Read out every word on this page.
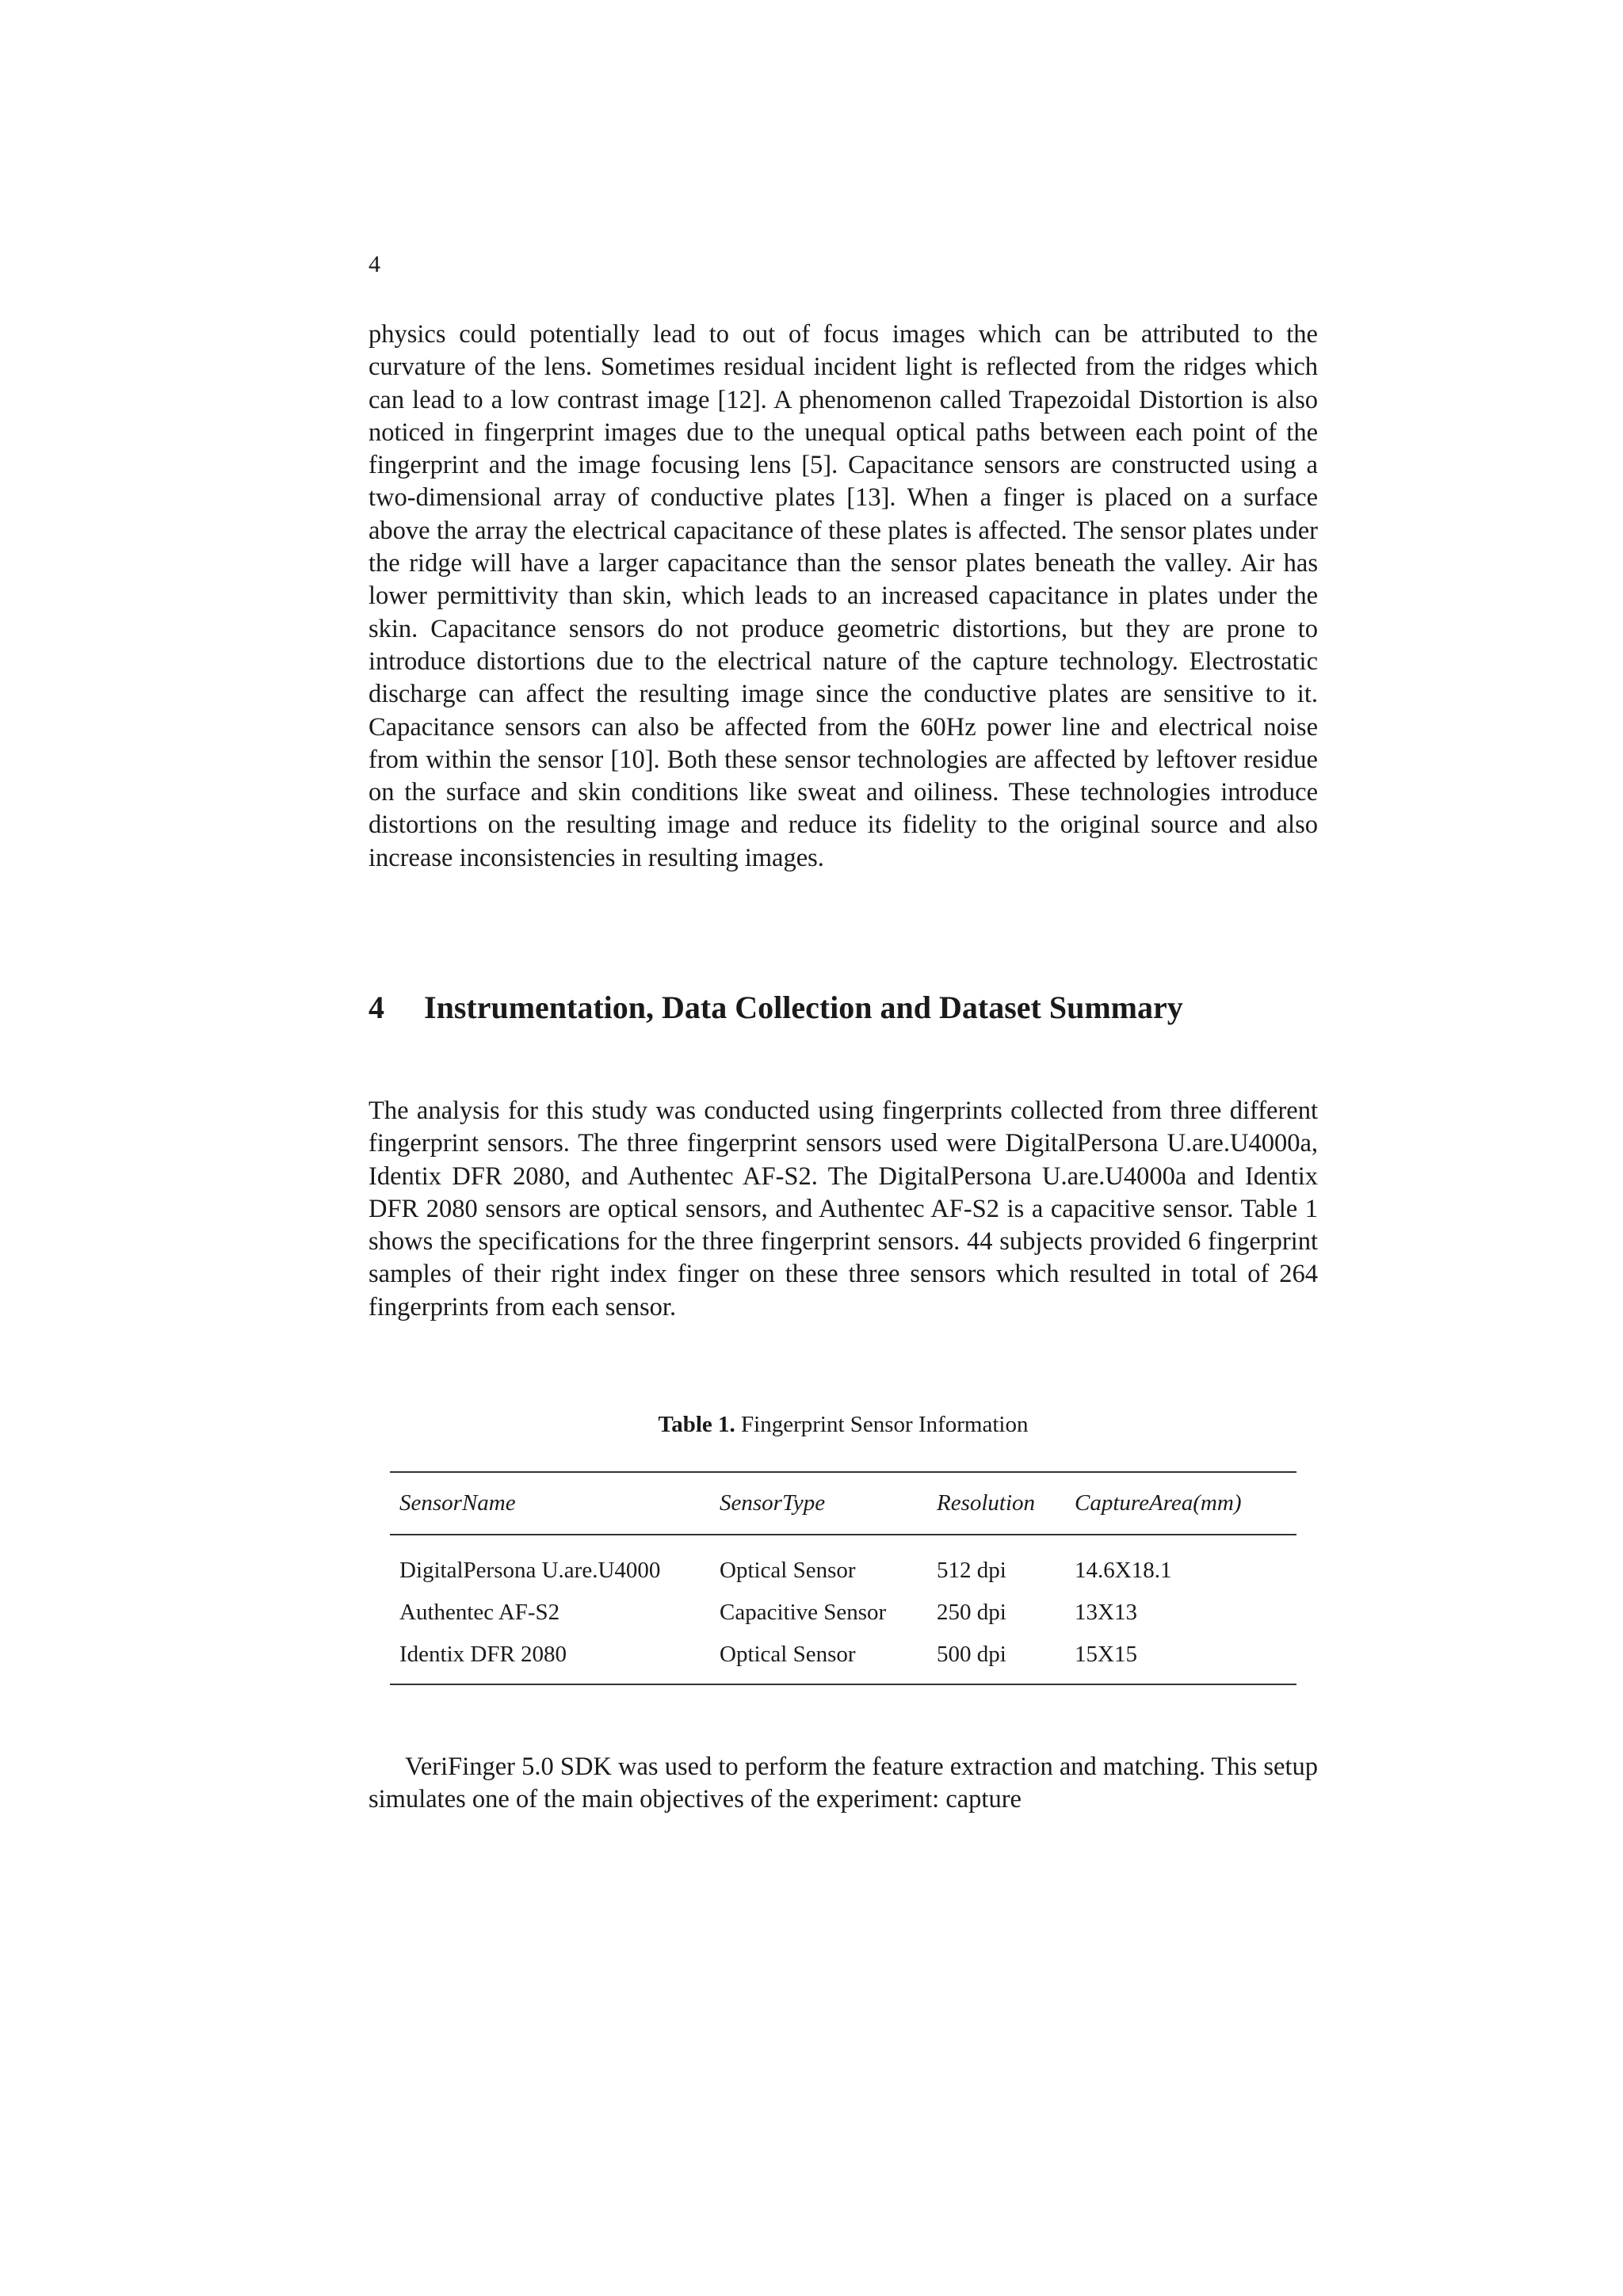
4

physics could potentially lead to out of focus images which can be attributed to the curvature of the lens. Sometimes residual incident light is reflected from the ridges which can lead to a low contrast image [12]. A phenomenon called Trapezoidal Distortion is also noticed in fingerprint images due to the unequal optical paths between each point of the fingerprint and the image focusing lens [5]. Capacitance sensors are constructed using a two-dimensional array of conductive plates [13]. When a finger is placed on a surface above the array the electrical capacitance of these plates is affected. The sensor plates under the ridge will have a larger capacitance than the sensor plates beneath the valley. Air has lower permittivity than skin, which leads to an increased capacitance in plates under the skin. Capacitance sensors do not produce geometric distortions, but they are prone to introduce distortions due to the electrical nature of the capture technology. Electrostatic discharge can affect the resulting image since the conductive plates are sensitive to it. Capacitance sensors can also be affected from the 60Hz power line and electrical noise from within the sensor [10]. Both these sensor technologies are affected by leftover residue on the surface and skin conditions like sweat and oiliness. These technologies introduce distortions on the resulting image and reduce its fidelity to the original source and also increase inconsistencies in resulting images.

4	Instrumentation, Data Collection and Dataset Summary

The analysis for this study was conducted using fingerprints collected from three different fingerprint sensors. The three fingerprint sensors used were DigitalPersona U.are.U4000a, Identix DFR 2080, and Authentec AF-S2. The DigitalPersona U.are.U4000a and Identix DFR 2080 sensors are optical sensors, and Authentec AF-S2 is a capacitive sensor. Table 1 shows the specifications for the three fingerprint sensors. 44 subjects provided 6 fingerprint samples of their right index finger on these three sensors which resulted in total of 264 fingerprints from each sensor.

Table 1. Fingerprint Sensor Information
SensorName	SensorType	Resolution	CaptureArea(mm)
DigitalPersona U.are.U4000	Optical Sensor	512 dpi	14.6X18.1
Authentec AF-S2	Capacitive Sensor	250 dpi	13X13
Identix DFR 2080	Optical Sensor	500 dpi	15X15

VeriFinger 5.0 SDK was used to perform the feature extraction and matching. This setup simulates one of the main objectives of the experiment: capture
